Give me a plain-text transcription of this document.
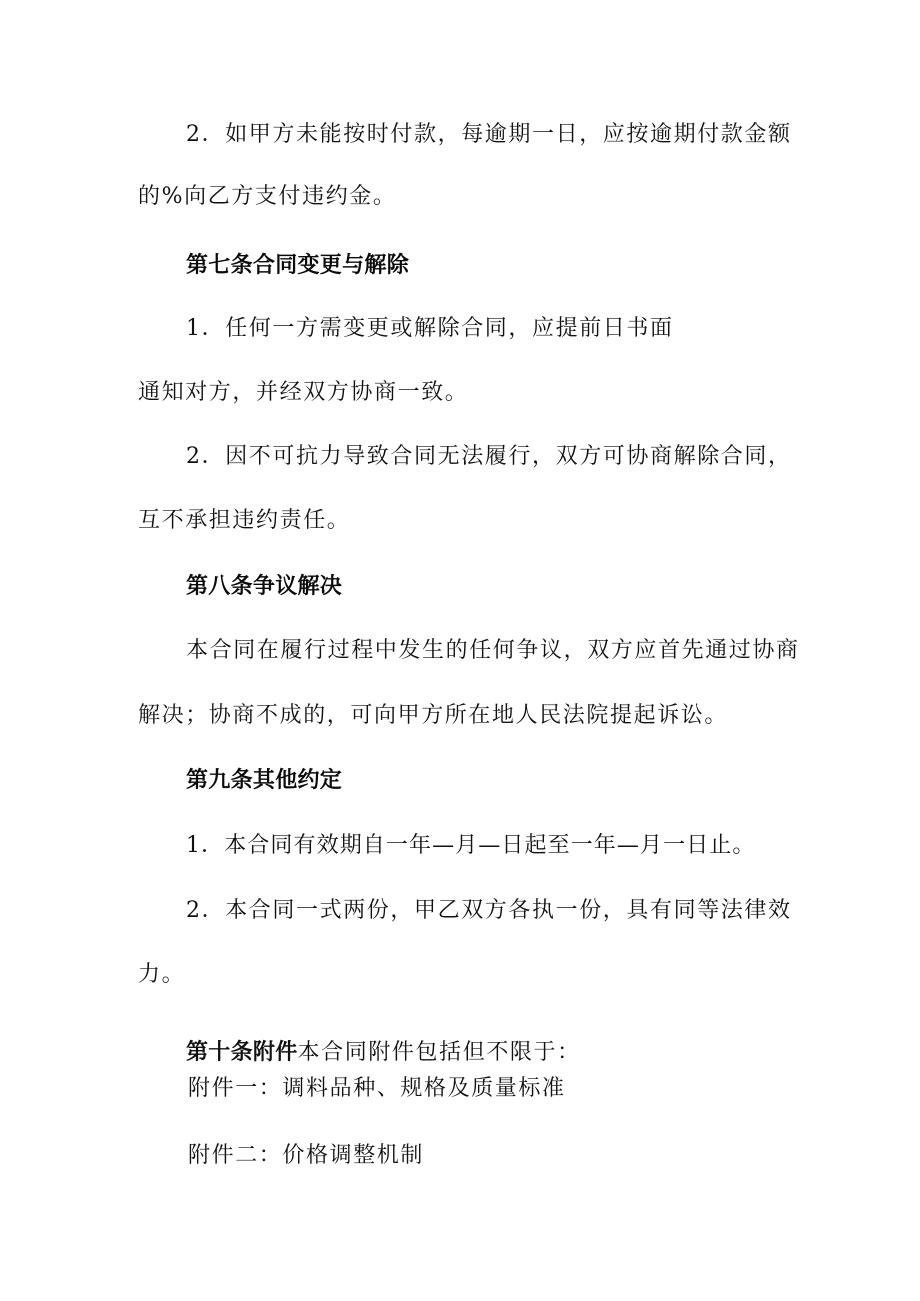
2．如甲方未能按时付款，每逾期一日，应按逾期付款金额
的%向乙方支付违约金。
第七条合同变更与解除
1．任何一方需变更或解除合同，应提前日书面
通知对方，并经双方协商一致。
2．因不可抗力导致合同无法履行，双方可协商解除合同，
互不承担违约责任。
第八条争议解决
本合同在履行过程中发生的任何争议，双方应首先通过协商
解决；协商不成的，可向甲方所在地人民法院提起诉讼。
第九条其他约定
1．本合同有效期自一年—月—日起至一年—月一日止。
2．本合同一式两份，甲乙双方各执一份，具有同等法律效
力。
第十条附件本合同附件包括但不限于：
附件一：调料品种、规格及质量标准
附件二：价格调整机制
